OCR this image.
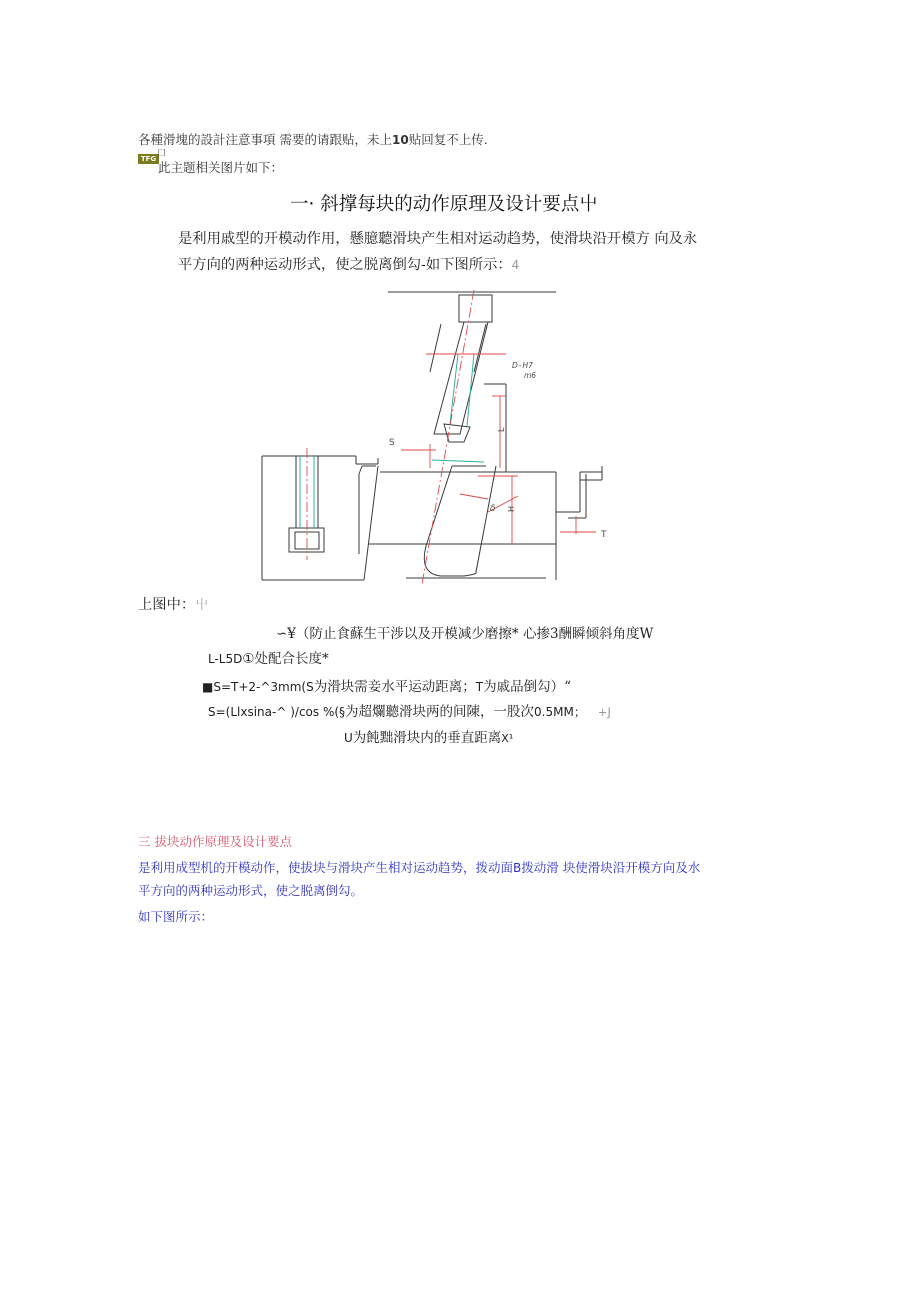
各種滑塊的設計注意事項 需要的请跟贴，未上10贴回复不上传.
TFG 口
此主题相关图片如下：
一· 斜撑每块的动作原理及设计要点屮
是利用戚型的开模动作用，懸臆聽滑块产生相对运动趋势，使滑块沿开模方 向及永
平方向的两种运动形式，使之脱离倒勾-如下图所示：4
D-H7
m6
S
δ
L
H
T
上图中：屮
∽¥（防止食蘇生干涉以及开模减少磨擦* 心掺3酬瞬倾斜角度W
L-L5D①处配合长度*
■S=T+2-^3mm(S为滑块需妾水平运动距离；T为戚品倒勾）“
S=(Llxsina-^ )/cos %(§为超爛聽滑块两的间陳，一股次0.5MM； +J
U为飩黜滑块内的垂直距离X¹
三 拔块动作原理及设计要点
是利用成型机的开模动作，使拔块与滑块产生相对运动趋势，拨动面B拨动滑 块使滑块沿开模方向及水
平方向的两种运动形式，使之脱离倒勾。
如下图所示：
